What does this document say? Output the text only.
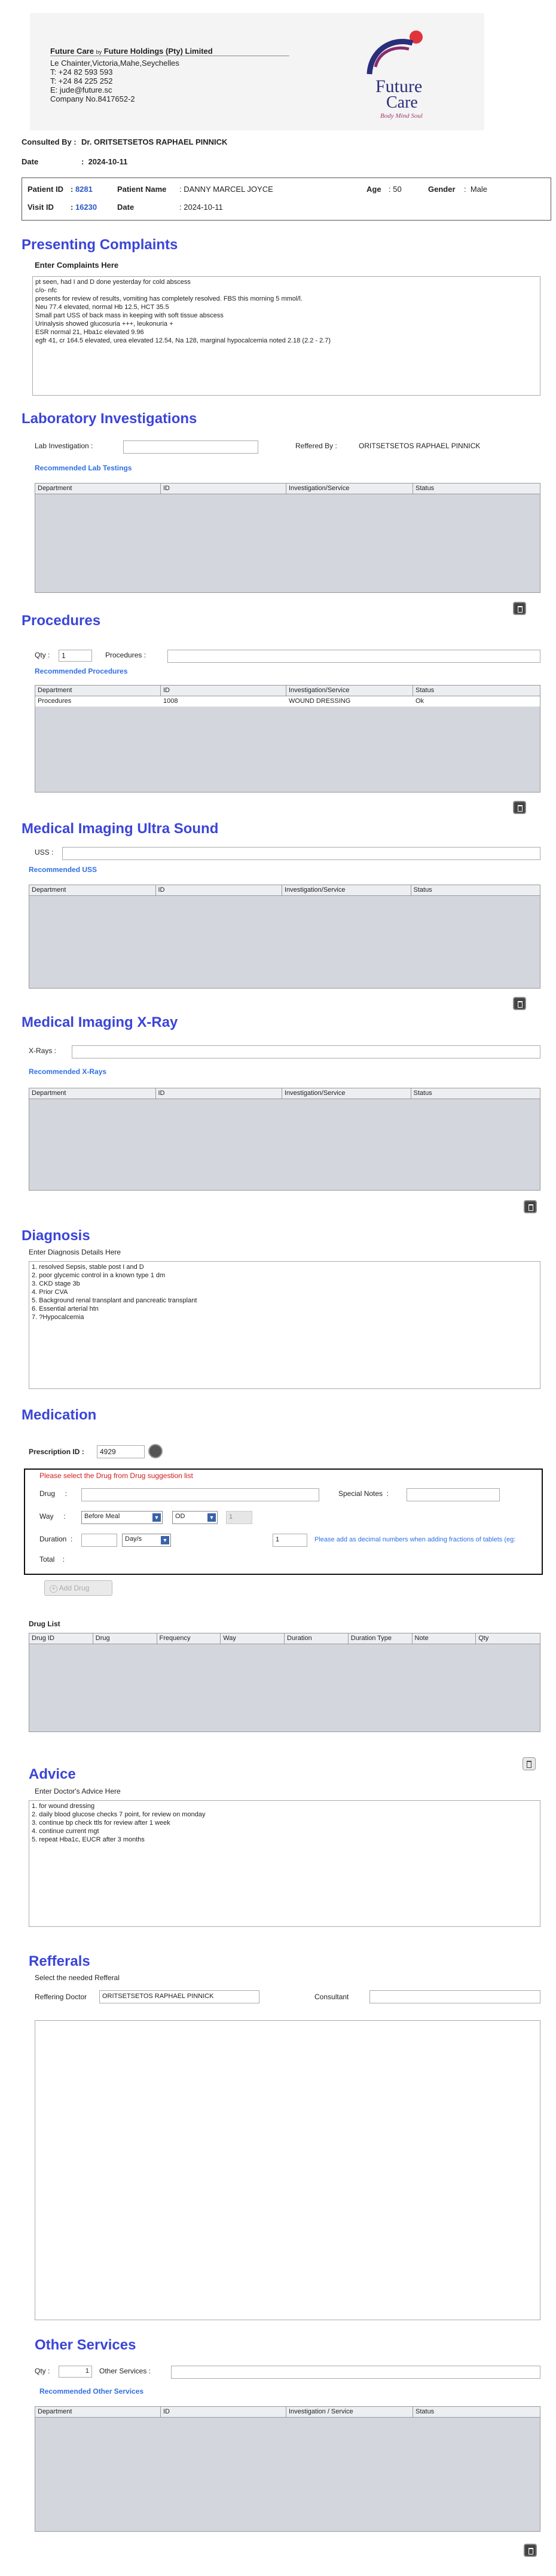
Future Care by Future Holdings (Pty) Limited
Le Chainter,Victoria,Mahe,Seychelles
T: +24 82 593 593
T: +24 84 225 252
E: jude@future.sc
Company No.8417652-2
Future
Care
Body Mind Soul
Consulted By : Dr. ORITSETSETOS RAPHAEL PINNICK
Date	:  2024-10-11
Patient ID : 8281	Patient Name : DANNY MARCEL JOYCE	Age : 50	Gender :  Male
Visit ID : 16230	Date	: 2024-10-11
Presenting Complaints
Enter Complaints Here
pt seen, had I and D done yesterday for cold abscess
c/o- nfc
presents for review of results, vomiting has completely resolved. FBS this morning 5 mmol/l.
Neu 77.4 elevated, normal Hb 12.5, HCT 35.5
Small part USS of back mass in keeping with soft tissue abscess
Urinalysis showed glucosuria +++, leukonuria +
ESR normal 21, Hba1c elevated 9.96
egfr 41, cr 164.5 elevated, urea elevated 12.54, Na 128, marginal hypocalcemia noted 2.18 (2.2 - 2.7)
Laboratory Investigations
Lab Investigation :	Reffered By :	ORITSETSETOS RAPHAEL PINNICK
Recommended Lab Testings
Department	ID	Investigation/Service	Status
Procedures
Qty :	1	Procedures :
Recommended Procedures
Department	ID	Investigation/Service	Status
Procedures	1008	WOUND DRESSING	Ok
Medical Imaging Ultra Sound
USS :
Recommended USS
Department	ID	Investigation/Service	Status
Medical Imaging X-Ray
X-Rays :
Recommended X-Rays
Department	ID	Investigation/Service	Status
Diagnosis
Enter Diagnosis Details Here
1. resolved Sepsis, stable post I and D
2. poor glycemic control in a known type 1 dm
3. CKD stage 3b
4. Prior CVA
5. Background renal transplant and pancreatic transplant
6. Essential arterial htn
7. ?Hypocalcemia
Medication
Prescription ID :	4929
Please select the Drug from Drug suggestion list
Drug     :	Special Notes  :
Way     :	Before Meal	▼	OD	▼	1
Duration  :	Day/s	▼	1	Please add as decimal numbers when adding fractions of tablets (eg:
Total    :
+ Add Drug
Drug List
Drug ID	Drug	Frequency	Way	Duration	Duration Type	Note	Qty
Advice
Enter Doctor's Advice Here
1. for wound dressing
2. daily blood glucose checks 7 point, for review on monday
3. continue bp check ttls for review after 1 week
4. continue current mgt
5. repeat Hba1c, EUCR after 3 months
Refferals
Select the needed Refferal
Reffering Doctor	ORITSETSETOS RAPHAEL PINNICK	Consultant
Other Services
Qty :	1	Other Services :
Recommended Other Services
Department	ID	Investigation / Service	Status
